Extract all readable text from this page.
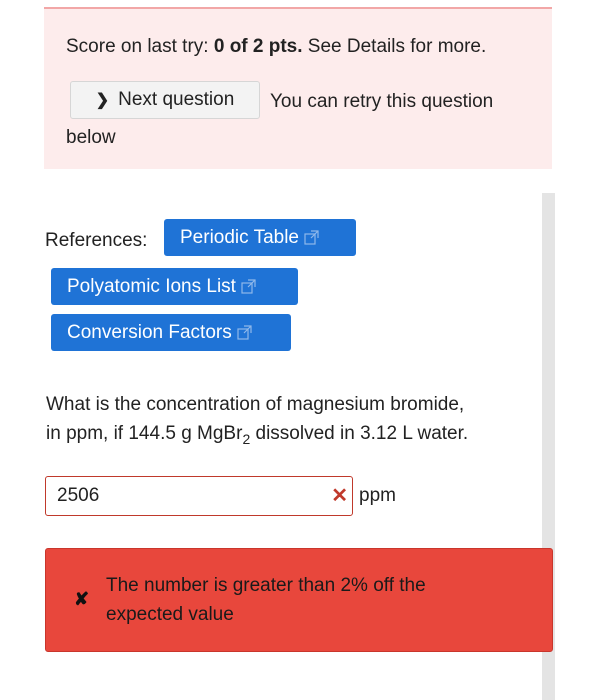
Score on last try: 0 of 2 pts. See Details for more.
❯ Next question You can retry this question
below
References: Periodic Table
Polyatomic Ions List
Conversion Factors
What is the concentration of magnesium bromide,
in ppm, if 144.5 g MgBr$_2$ dissolved in 3.12 L water.
2506	✕ ppm
✘
The number is greater than 2% off the
expected value
